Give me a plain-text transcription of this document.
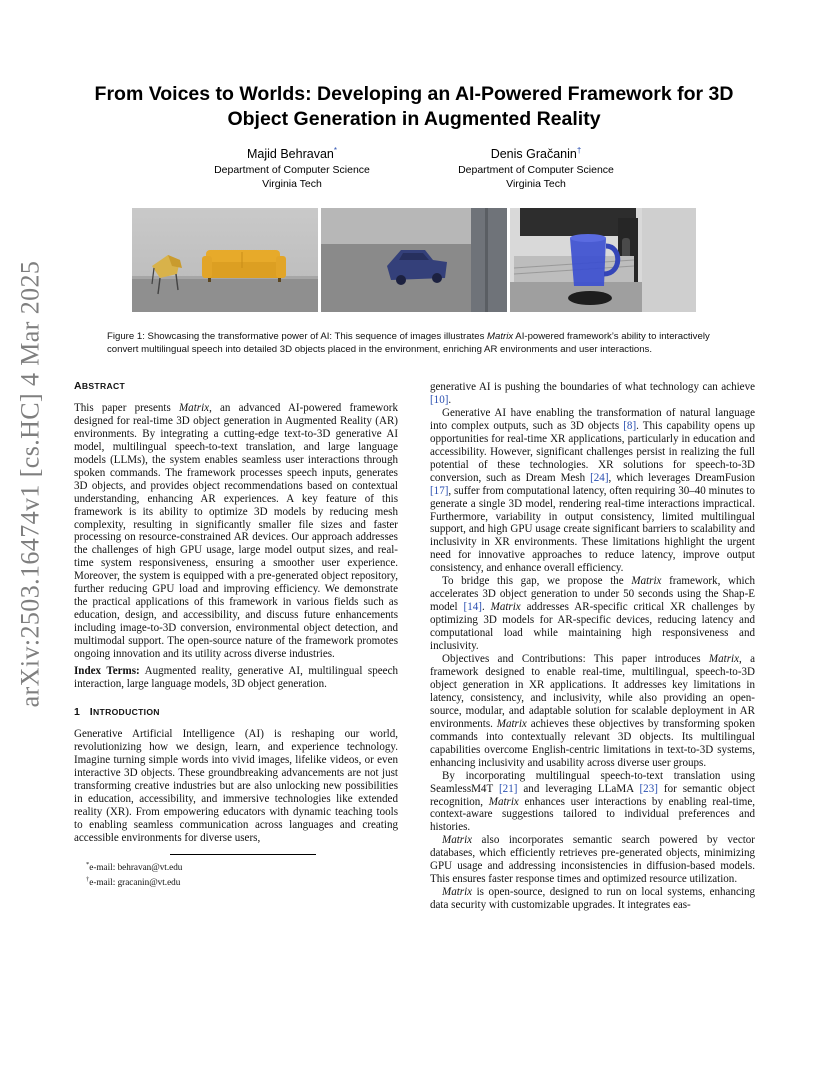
arXiv:2503.16474v1 [cs.HC] 4 Mar 2025
From Voices to Worlds: Developing an AI-Powered Framework for 3D Object Generation in Augmented Reality
Majid Behravan*
Department of Computer Science
Virginia Tech
Denis Gračanin†
Department of Computer Science
Virginia Tech
Figure 1: Showcasing the transformative power of AI: This sequence of images illustrates Matrix AI-powered framework’s ability to interactively convert multilingual speech into detailed 3D objects placed in the environment, enriching AR environments and user interactions.
ABSTRACT

This paper presents Matrix, an advanced AI-powered framework designed for real-time 3D object generation in Augmented Reality (AR) environments. By integrating a cutting-edge text-to-3D generative AI model, multilingual speech-to-text translation, and large language models (LLMs), the system enables seamless user interactions through spoken commands. The framework processes speech inputs, generates 3D objects, and provides object recommendations based on contextual understanding, enhancing AR experiences. A key feature of this framework is its ability to optimize 3D models by reducing mesh complexity, resulting in significantly smaller file sizes and faster processing on resource-constrained AR devices. Our approach addresses the challenges of high GPU usage, large model output sizes, and real-time system responsiveness, ensuring a smoother user experience. Moreover, the system is equipped with a pre-generated object repository, further reducing GPU load and improving efficiency. We demonstrate the practical applications of this framework in various fields such as education, design, and accessibility, and discuss future enhancements including image-to-3D conversion, environmental object detection, and multimodal support. The open-source nature of the framework promotes ongoing innovation and its utility across diverse industries.

Index Terms: Augmented reality, generative AI, multilingual speech interaction, large language models, 3D object generation.

1 INTRODUCTION

Generative Artificial Intelligence (AI) is reshaping our world, revolutionizing how we design, learn, and experience technology. Imagine turning simple words into vivid images, lifelike videos, or even interactive 3D objects. These groundbreaking advancements are not just transforming creative industries but are also unlocking new possibilities in education, accessibility, and immersive technologies like extended reality (XR). From empowering educators with dynamic teaching tools to enabling seamless communication across languages and creating accessible environments for diverse users,

*e-mail: behravan@vt.edu
†e-mail: gracanin@vt.edu

generative AI is pushing the boundaries of what technology can achieve [10].

Generative AI have enabling the transformation of natural language into complex outputs, such as 3D objects [8]. This capability opens up opportunities for real-time XR applications, particularly in education and accessibility. However, significant challenges persist in realizing the full potential of these technologies. XR solutions for speech-to-3D conversion, such as Dream Mesh [24], which leverages DreamFusion [17], suffer from computational latency, often requiring 30–40 minutes to generate a single 3D model, rendering real-time interactions impractical. Furthermore, variability in output consistency, limited multilingual support, and high GPU usage create significant barriers to scalability and inclusivity in XR environments. These limitations highlight the urgent need for innovative approaches to reduce latency, improve output consistency, and enhance overall efficiency.

To bridge this gap, we propose the Matrix framework, which accelerates 3D object generation to under 50 seconds using the Shap-E model [14]. Matrix addresses AR-specific critical XR challenges by optimizing 3D models for AR-specific devices, reducing latency and computational load while maintaining high responsiveness and inclusivity.

Objectives and Contributions: This paper introduces Matrix, a framework designed to enable real-time, multilingual, speech-to-3D object generation in XR applications. It addresses key limitations in latency, consistency, and inclusivity, while also providing an open-source, modular, and adaptable solution for scalable deployment in AR environments. Matrix achieves these objectives by transforming spoken commands into contextually relevant 3D objects. Its multilingual capabilities overcome English-centric limitations in text-to-3D systems, enhancing inclusivity and usability across diverse user groups.

By incorporating multilingual speech-to-text translation using SeamlessM4T [21] and leveraging LLaMA [23] for semantic object recognition, Matrix enhances user interactions by enabling real-time, context-aware suggestions tailored to individual preferences and histories.

Matrix also incorporates semantic search powered by vector databases, which efficiently retrieves pre-generated objects, minimizing GPU usage and addressing inconsistencies in diffusion-based models. This ensures faster response times and optimized resource utilization.

Matrix is open-source, designed to run on local systems, enhancing data security with customizable upgrades. It integrates eas-
